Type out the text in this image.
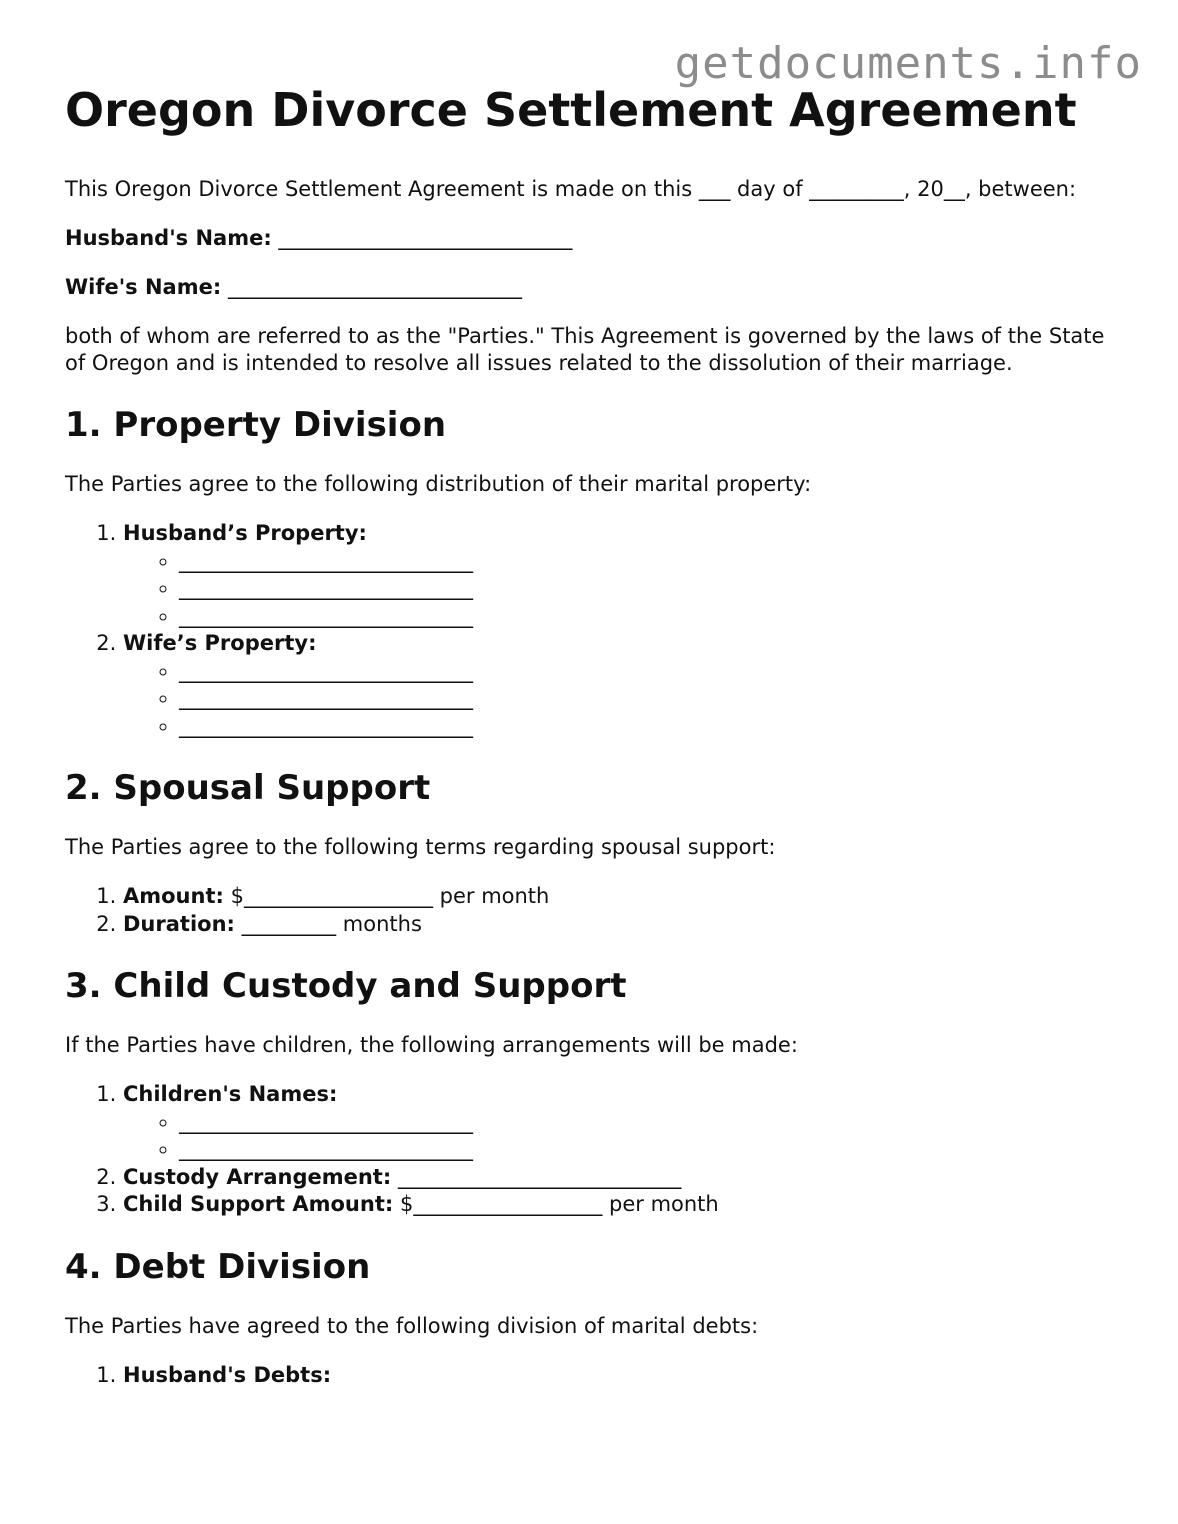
getdocuments.info
Oregon Divorce Settlement Agreement

This Oregon Divorce Settlement Agreement is made on this ___ day of _________, 20__, between:

Husband's Name: ____________________________

Wife's Name: ____________________________

both of whom are referred to as the "Parties." This Agreement is governed by the laws of the State of Oregon and is intended to resolve all issues related to the dissolution of their marriage.

1. Property Division

The Parties agree to the following distribution of their marital property:

1. Husband’s Property:
◦ ____________________________
◦ ____________________________
◦ ____________________________
2. Wife’s Property:
◦ ____________________________
◦ ____________________________
◦ ____________________________
2. Spousal Support

The Parties agree to the following terms regarding spousal support:

1. Amount: $__________________ per month
2. Duration: _________ months
3. Child Custody and Support

If the Parties have children, the following arrangements will be made:

1. Children's Names:
◦ ____________________________
◦ ____________________________
2. Custody Arrangement: ___________________________
3. Child Support Amount: $__________________ per month
4. Debt Division

The Parties have agreed to the following division of marital debts:

1. Husband's Debts:
